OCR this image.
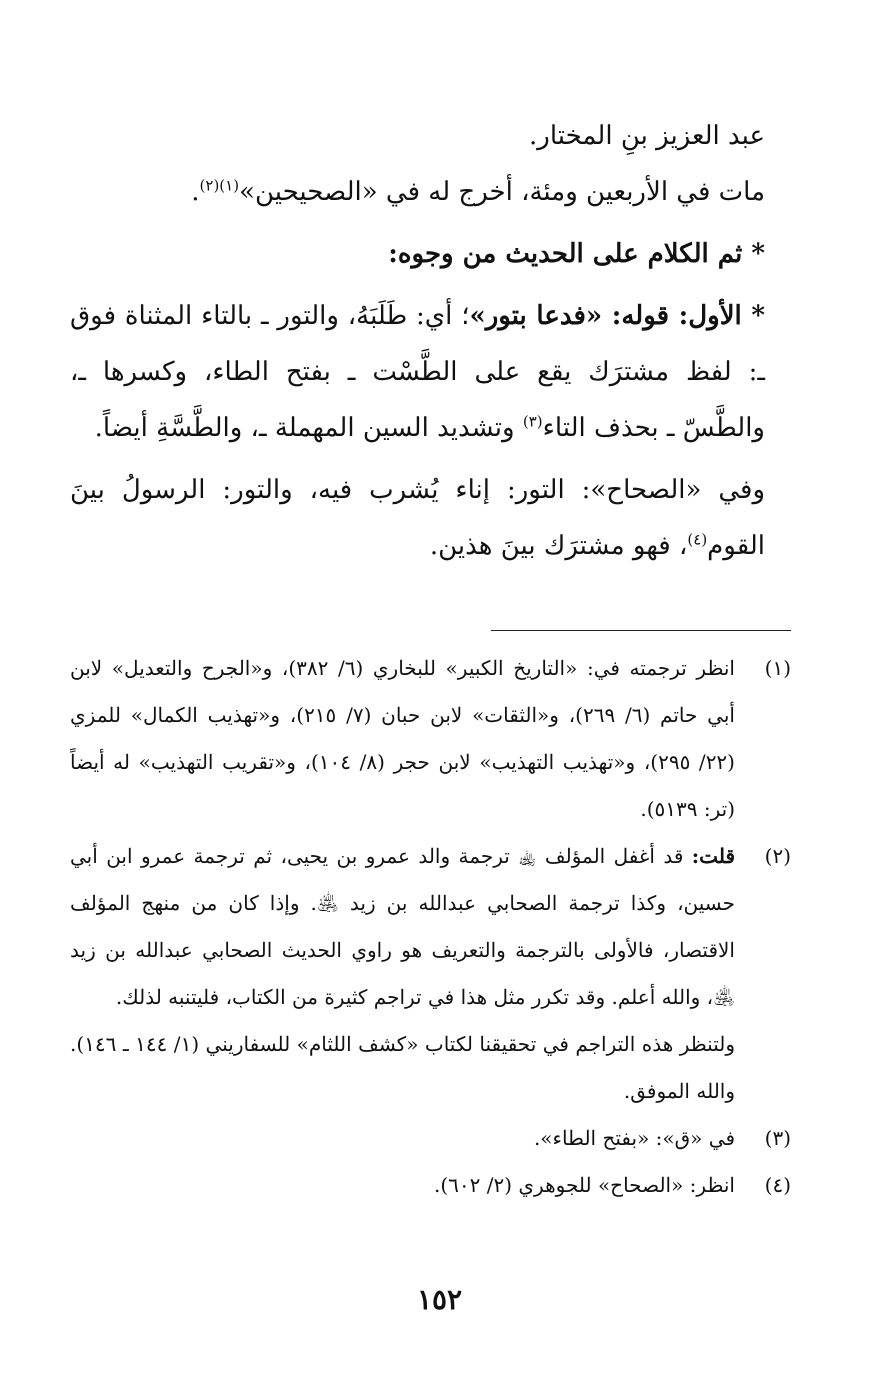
عبد العزيز بنِ المختار.

مات في الأربعين ومئة، أخرج له في «الصحيحين»$^{(١)(٢)}$.

* ثم الكلام على الحديث من وجوه:

* الأول: قوله: «فدعا بتور»؛ أي: طَلَبَهُ، والتور ـ بالتاء المثناة فوق ـ: لفظ مشترَك يقع على الطَّسْت ـ بفتح الطاء، وكسرها ـ، والطَّسّ ـ بحذف التاء$^{(٣)}$ وتشديد السين المهملة ـ، والطَّسَّةِ أيضاً.

وفي «الصحاح»: التور: إناء يُشرب فيه، والتور: الرسولُ بينَ القوم$^{(٤)}$، فهو مشترَك بينَ هذين.

(١)
انظر ترجمته في: «التاريخ الكبير» للبخاري (٦/ ٣٨٢)، و«الجرح والتعديل» لابن أبي حاتم (٦/ ٢٦٩)، و«الثقات» لابن حبان (٧/ ٢١٥)، و«تهذيب الكمال» للمزي (٢٢/ ٢٩٥)، و«تهذيب التهذيب» لابن حجر (٨/ ١٠٤)، و«تقريب التهذيب» له أيضاً (تر: ٥١٣٩).
(٢)
قلت: قد أغفل المؤلف ﵀ ترجمة والد عمرو بن يحيى، ثم ترجمة عمرو ابن أبي حسين، وكذا ترجمة الصحابي عبدالله بن زيد ﵁. وإذا كان من منهج المؤلف الاقتصار، فالأولى بالترجمة والتعريف هو راوي الحديث الصحابي عبدالله بن زيد ﵁، والله أعلم. وقد تكرر مثل هذا في تراجم كثيرة من الكتاب، فليتنبه لذلك.
ولتنظر هذه التراجم في تحقيقنا لكتاب «كشف اللثام» للسفاريني (١/ ١٤٤ ـ ١٤٦). والله الموفق.
(٣)
في «ق»: «بفتح الطاء».
(٤)
انظر: «الصحاح» للجوهري (٢/ ٦٠٢).
١٥٢
